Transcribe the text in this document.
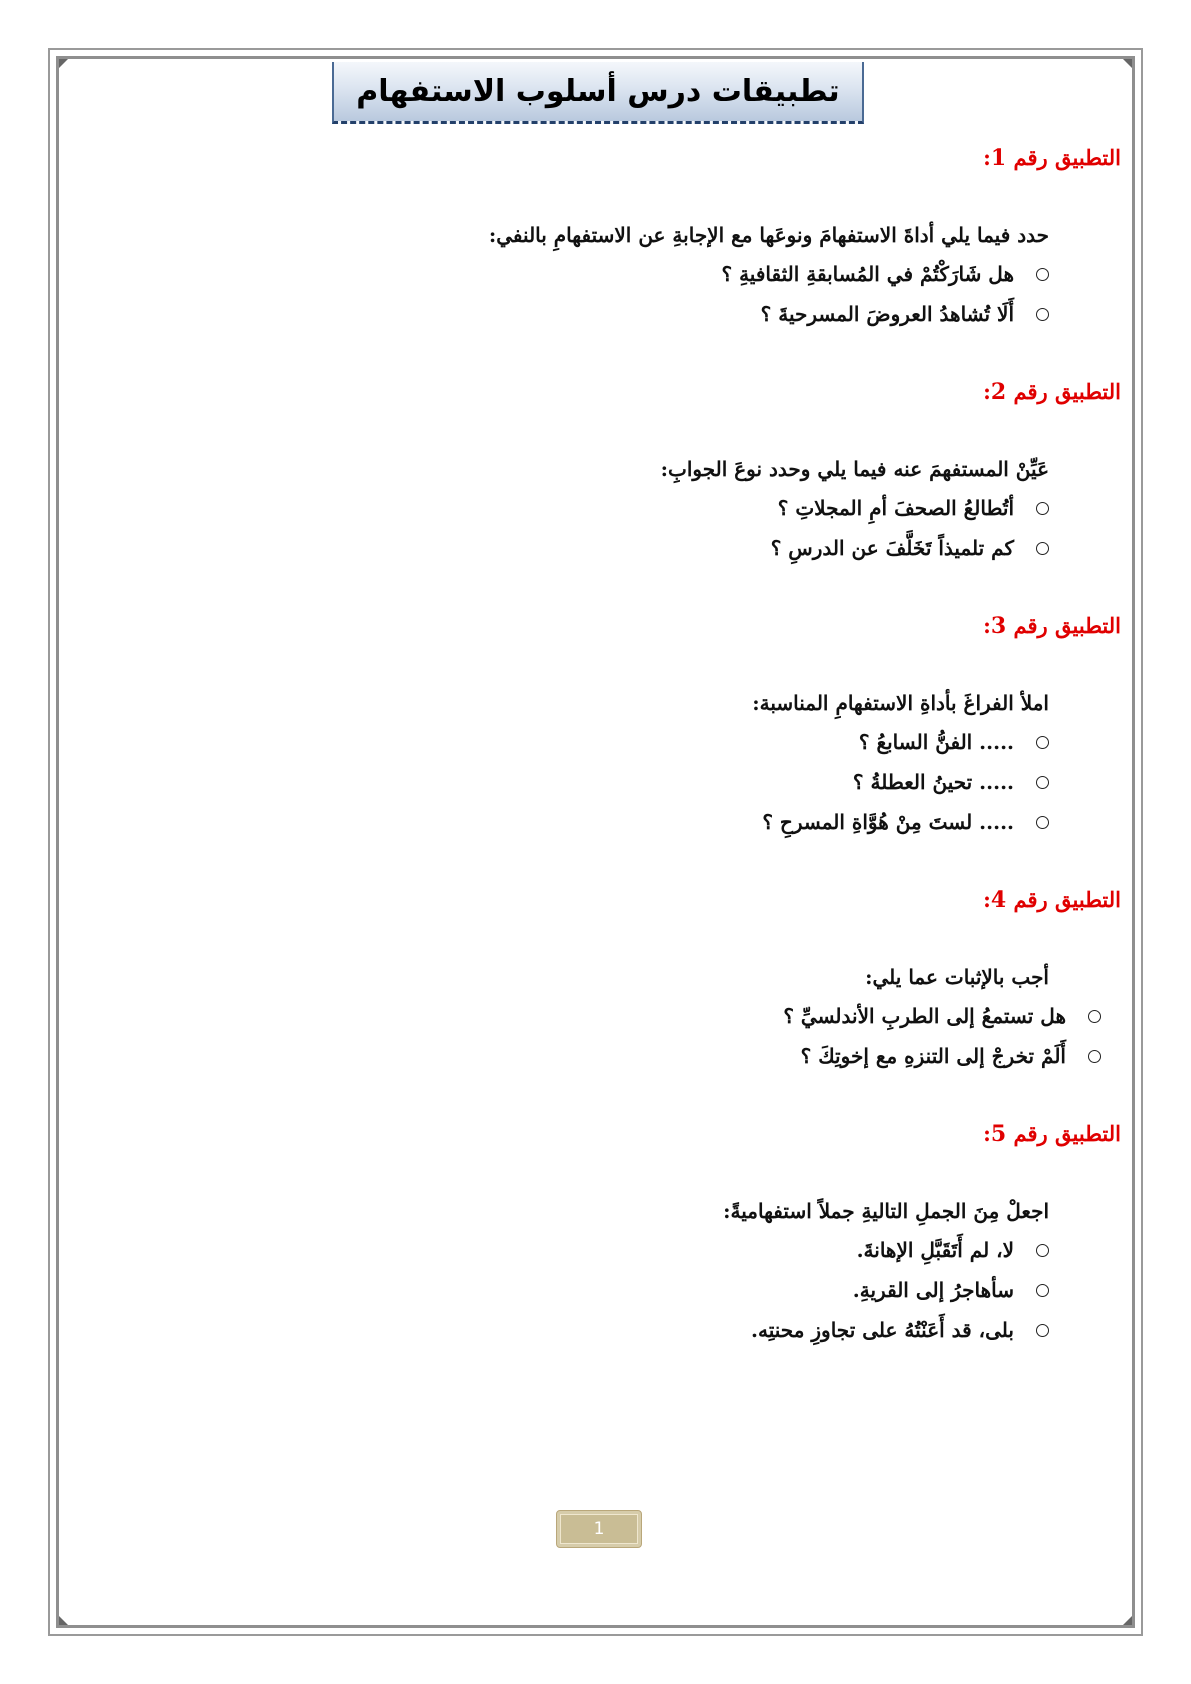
تطبيقات درس أسلوب الاستفهام
التطبيق رقم 1:
حدد فيما يلي أداةَ الاستفهامَ ونوعَها مع الإجابةِ عن الاستفهامِ بالنفي:
هل شَارَكْتُمْ في المُسابقةِ الثقافيةِ ؟
أَلَا تُشاهدُ العروضَ المسرحيةَ ؟
التطبيق رقم 2:
عَيِّنْ المستفهمَ عنه فيما يلي وحدد نوعَ الجوابِ:
أتُطالعُ الصحفَ أمِ المجلاتِ ؟
كم تلميذاً تَخَلَّفَ عن الدرسِ ؟
التطبيق رقم 3:
املأ الفراغَ بأداةِ الاستفهامِ المناسبة:
..... الفنُّ السابعُ ؟
..... تحينُ العطلةُ ؟
..... لستَ مِنْ هُوَّاةِ المسرحِ ؟
التطبيق رقم 4:
أجب بالإثبات عما يلي:
هل تستمعُ إلى الطربِ الأندلسيِّ ؟
أَلَمْ تخرجْ إلى التنزهِ مع إخوتِكَ ؟
التطبيق رقم 5:
اجعلْ مِنَ الجملِ التاليةِ جملاً استفهاميةً:
لا، لم أَتَقَبَّلِ الإهانةَ.
سأهاجرُ إلى القريةِ.
بلى، قد أَعَنْتُهُ على تجاوزِ محنتِه.
1
